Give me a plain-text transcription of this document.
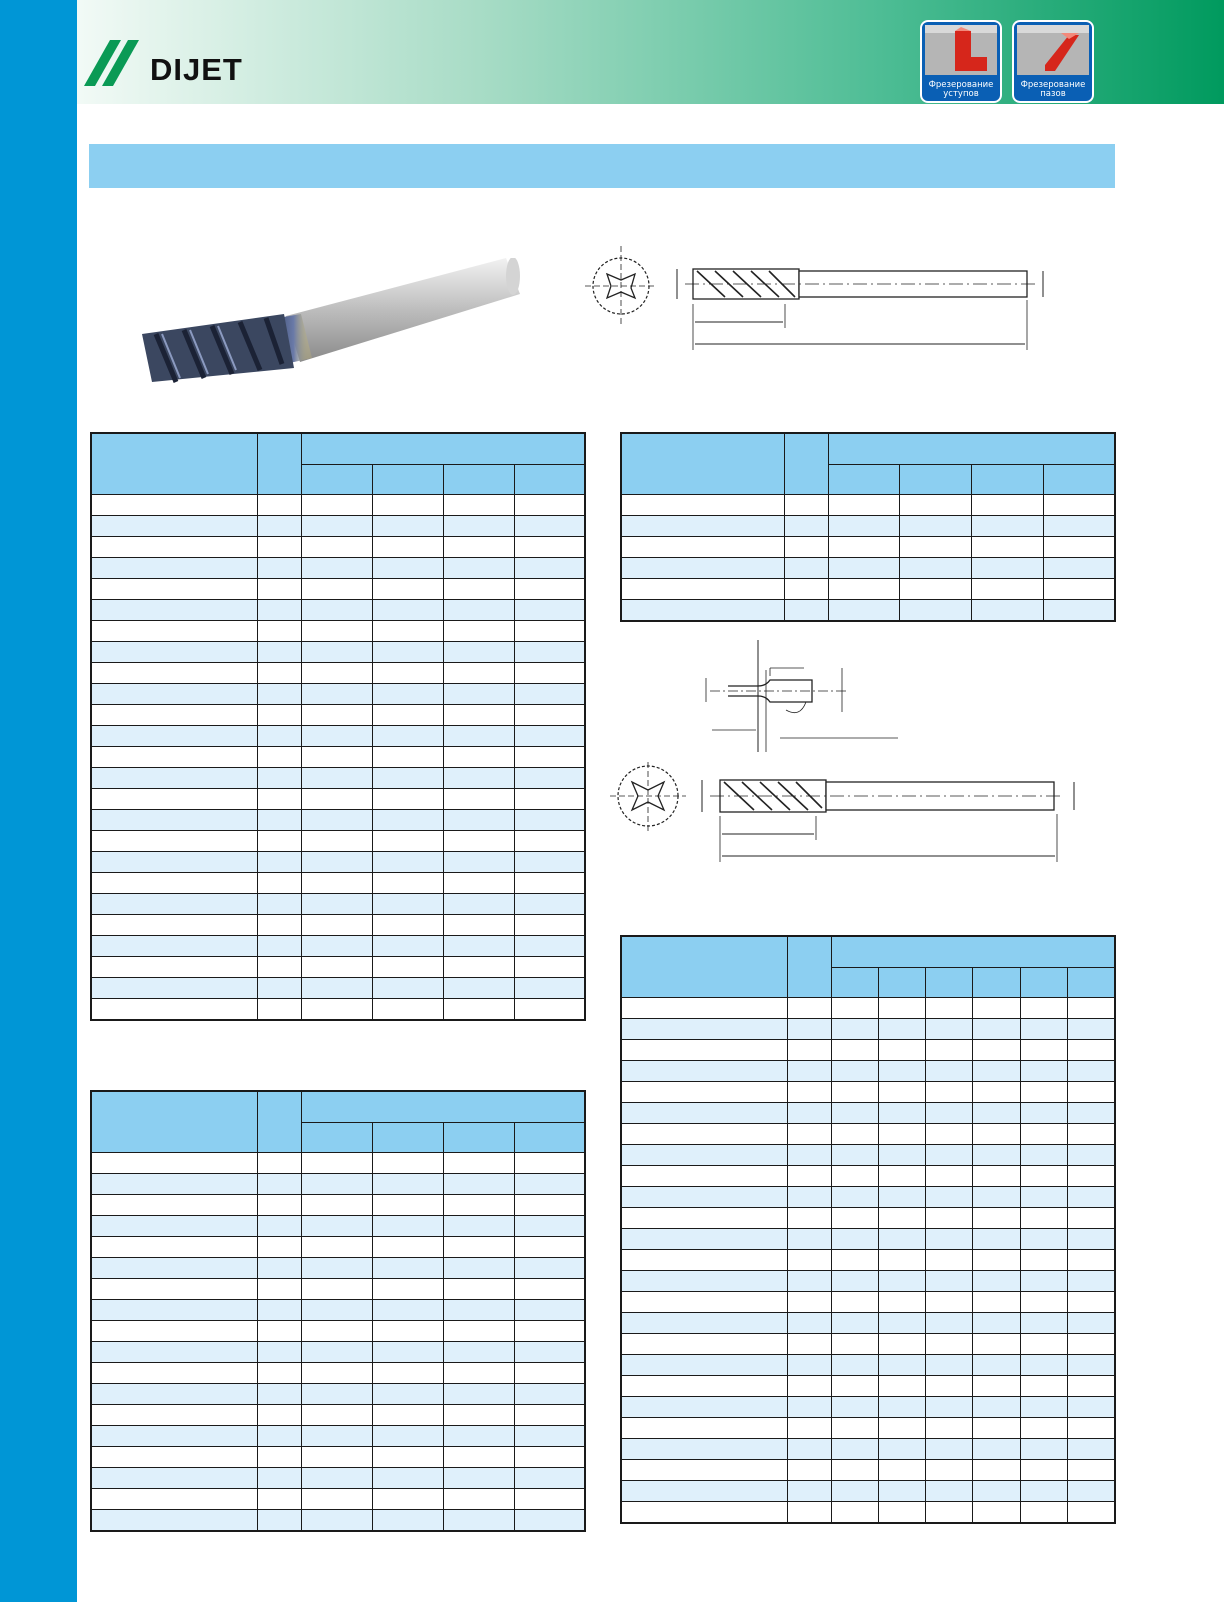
DIJET	Фрезерование
уступов
Фрезерование
пазов
